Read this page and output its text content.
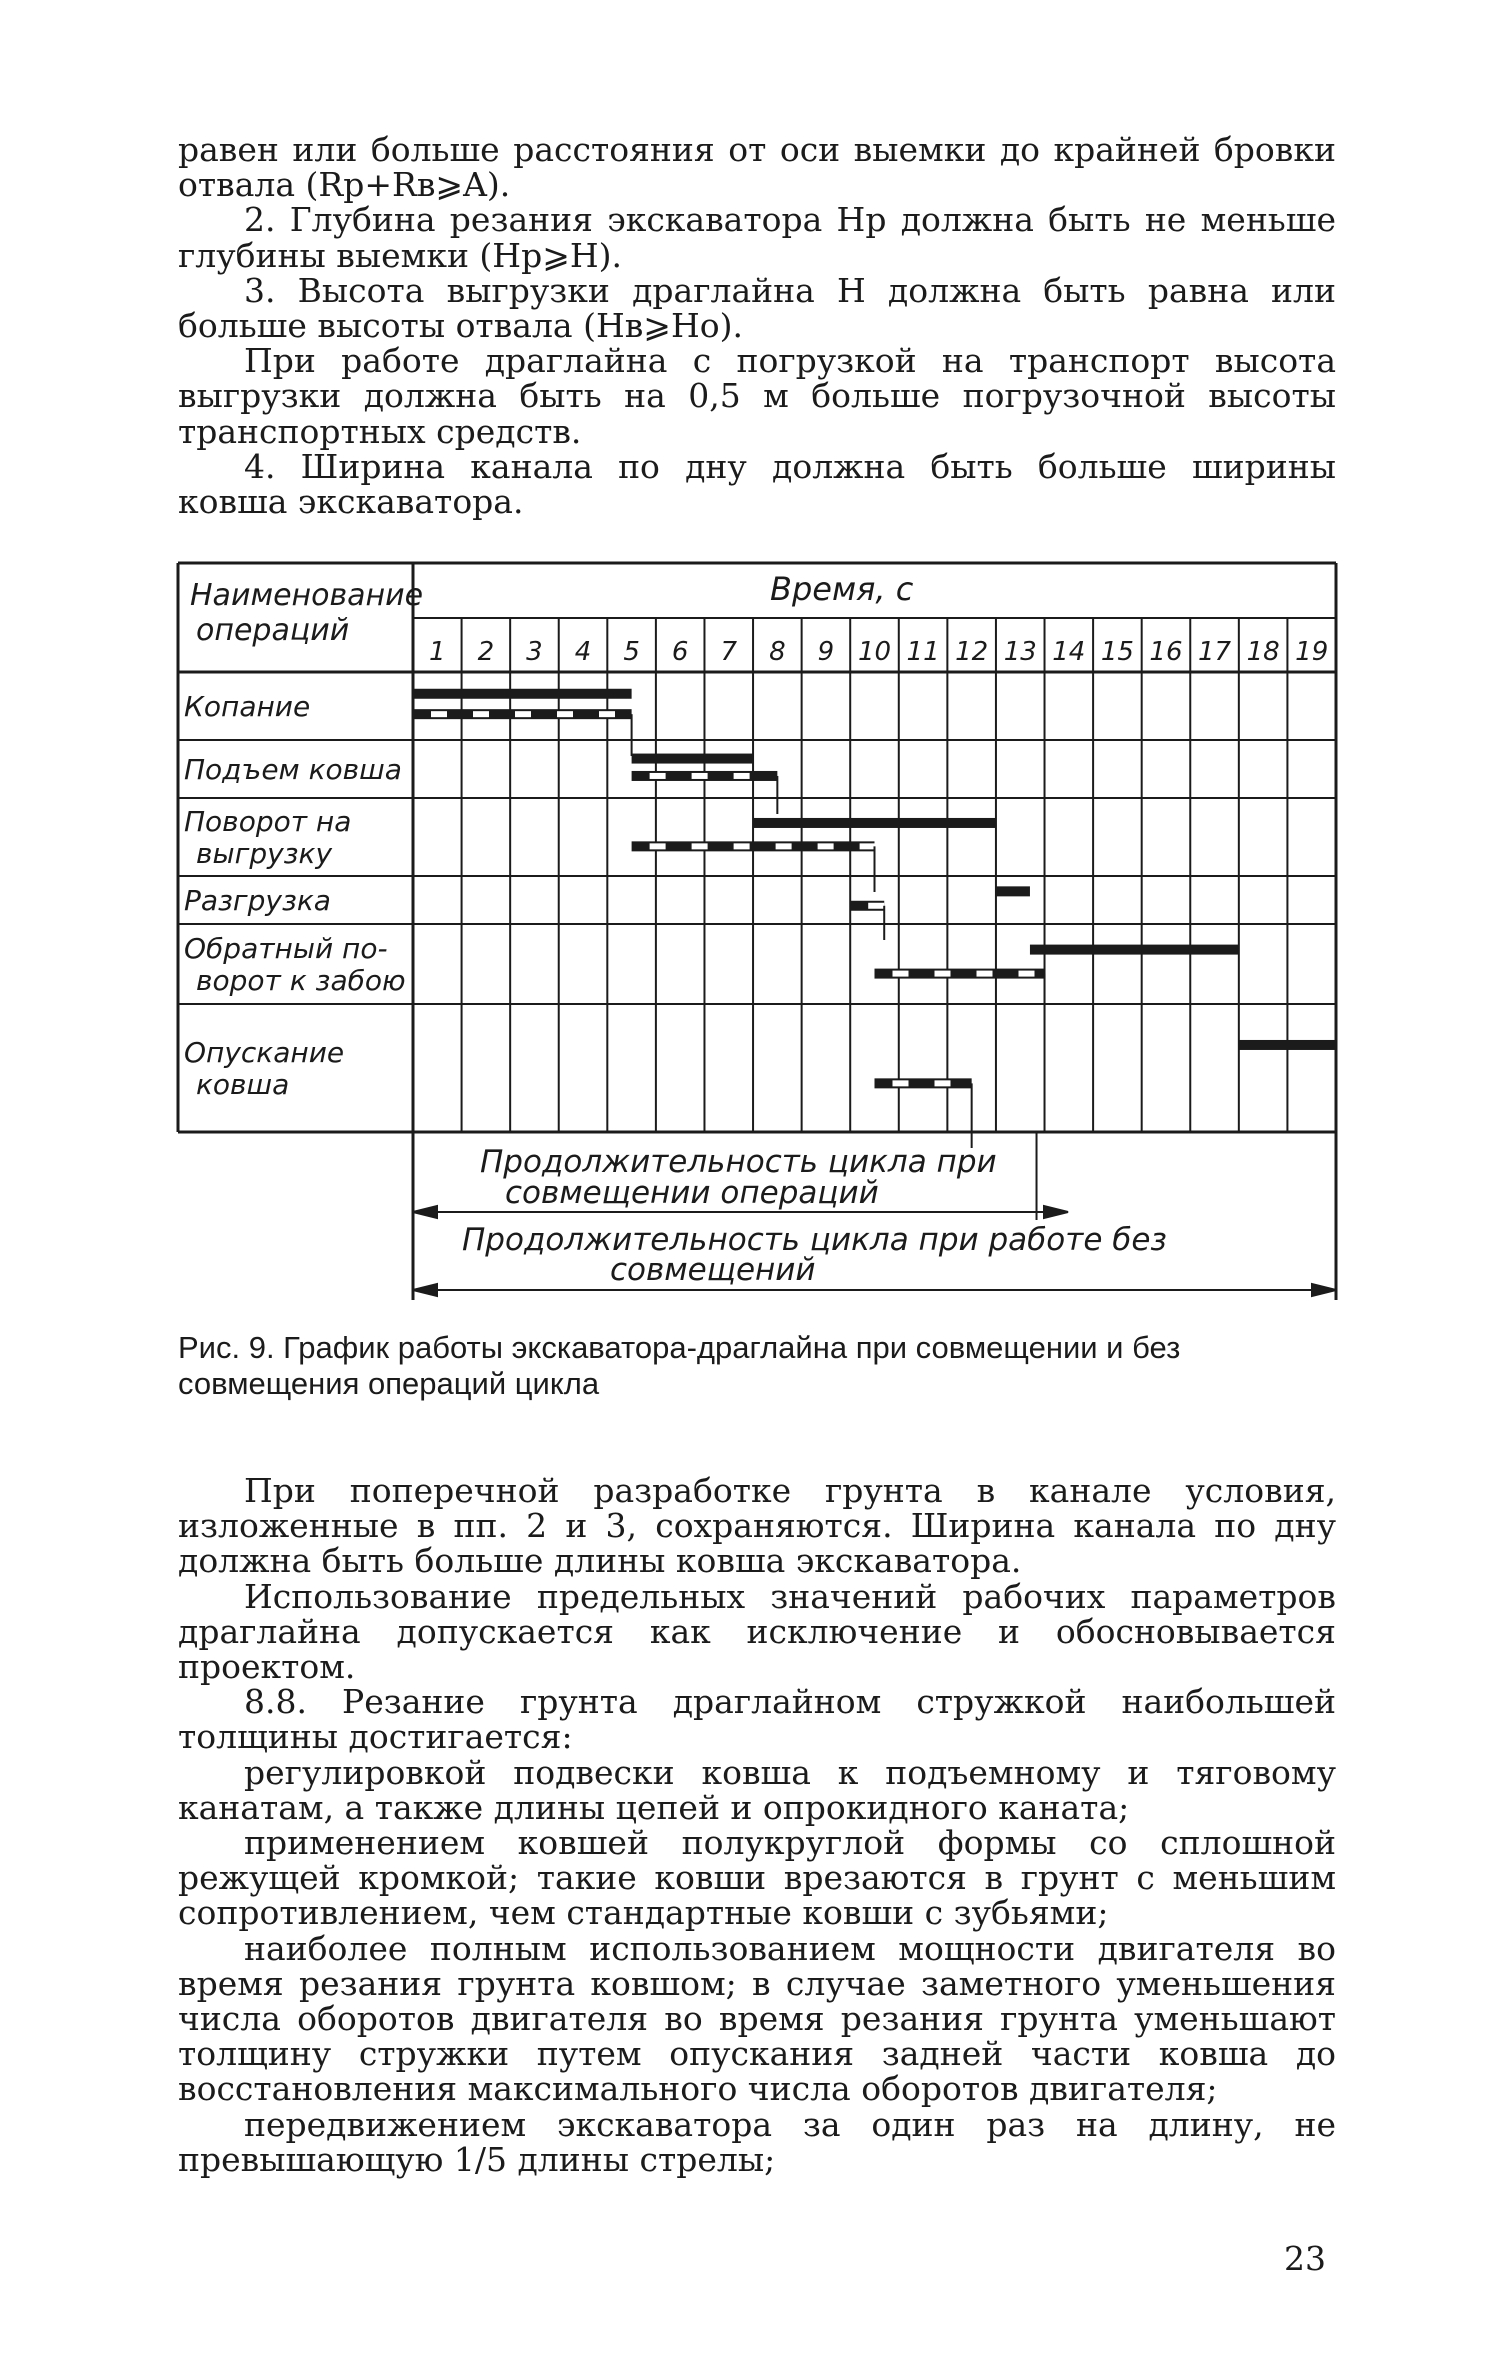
равен или больше расстояния от оси выемки до крайней бровки отвала (Rр+Rв⩾A).

2. Глубина резания экскаватора Hр должна быть не меньше глубины выемки (Hр⩾H).

3. Высота выгрузки драглайна H должна быть равна или больше высоты отвала (Hв⩾Hо).

При работе драглайна с погрузкой на транспорт высота выгрузки должна быть на 0,5 м больше погрузочной высоты транспортных средств.

4. Ширина канала по дну должна быть больше ширины ковша экскаватора.

Наименование
операций
Время, с
1 2 3 4 5 6 7 8 9 10 11 12 13 14 15 16 17 18 19
Копание
Подъем ковша
Поворот на
выгрузку
Разгрузка
Обратный по-
ворот к забою
Опускание
ковша
Продолжительность цикла при
совмещении операций
Продолжительность цикла при работе без
совмещений

Рис. 9. График работы экскаватора-драглайна при совмещении и без совмещения операций цикла

При поперечной разработке грунта в канале условия, изложенные в пп. 2 и 3, сохраняются. Ширина канала по дну должна быть больше длины ковша экскаватора.

Использование предельных значений рабочих параметров драглайна допускается как исключение и обосновывается проектом.

8.8. Резание грунта драглайном стружкой наибольшей толщины достигается:

регулировкой подвески ковша к подъемному и тяговому канатам, а также длины цепей и опрокидного каната;

применением ковшей полукруглой формы со сплошной режущей кромкой; такие ковши врезаются в грунт с меньшим сопротивлением, чем стандартные ковши с зубьями;

наиболее полным использованием мощности двигателя во время резания грунта ковшом; в случае заметного уменьшения числа оборотов двигателя во время резания грунта уменьшают толщину стружки путем опускания задней части ковша до восстановления максимального числа оборотов двигателя;

передвижением экскаватора за один раз на длину, не превышающую 1/5 длины стрелы;

23
